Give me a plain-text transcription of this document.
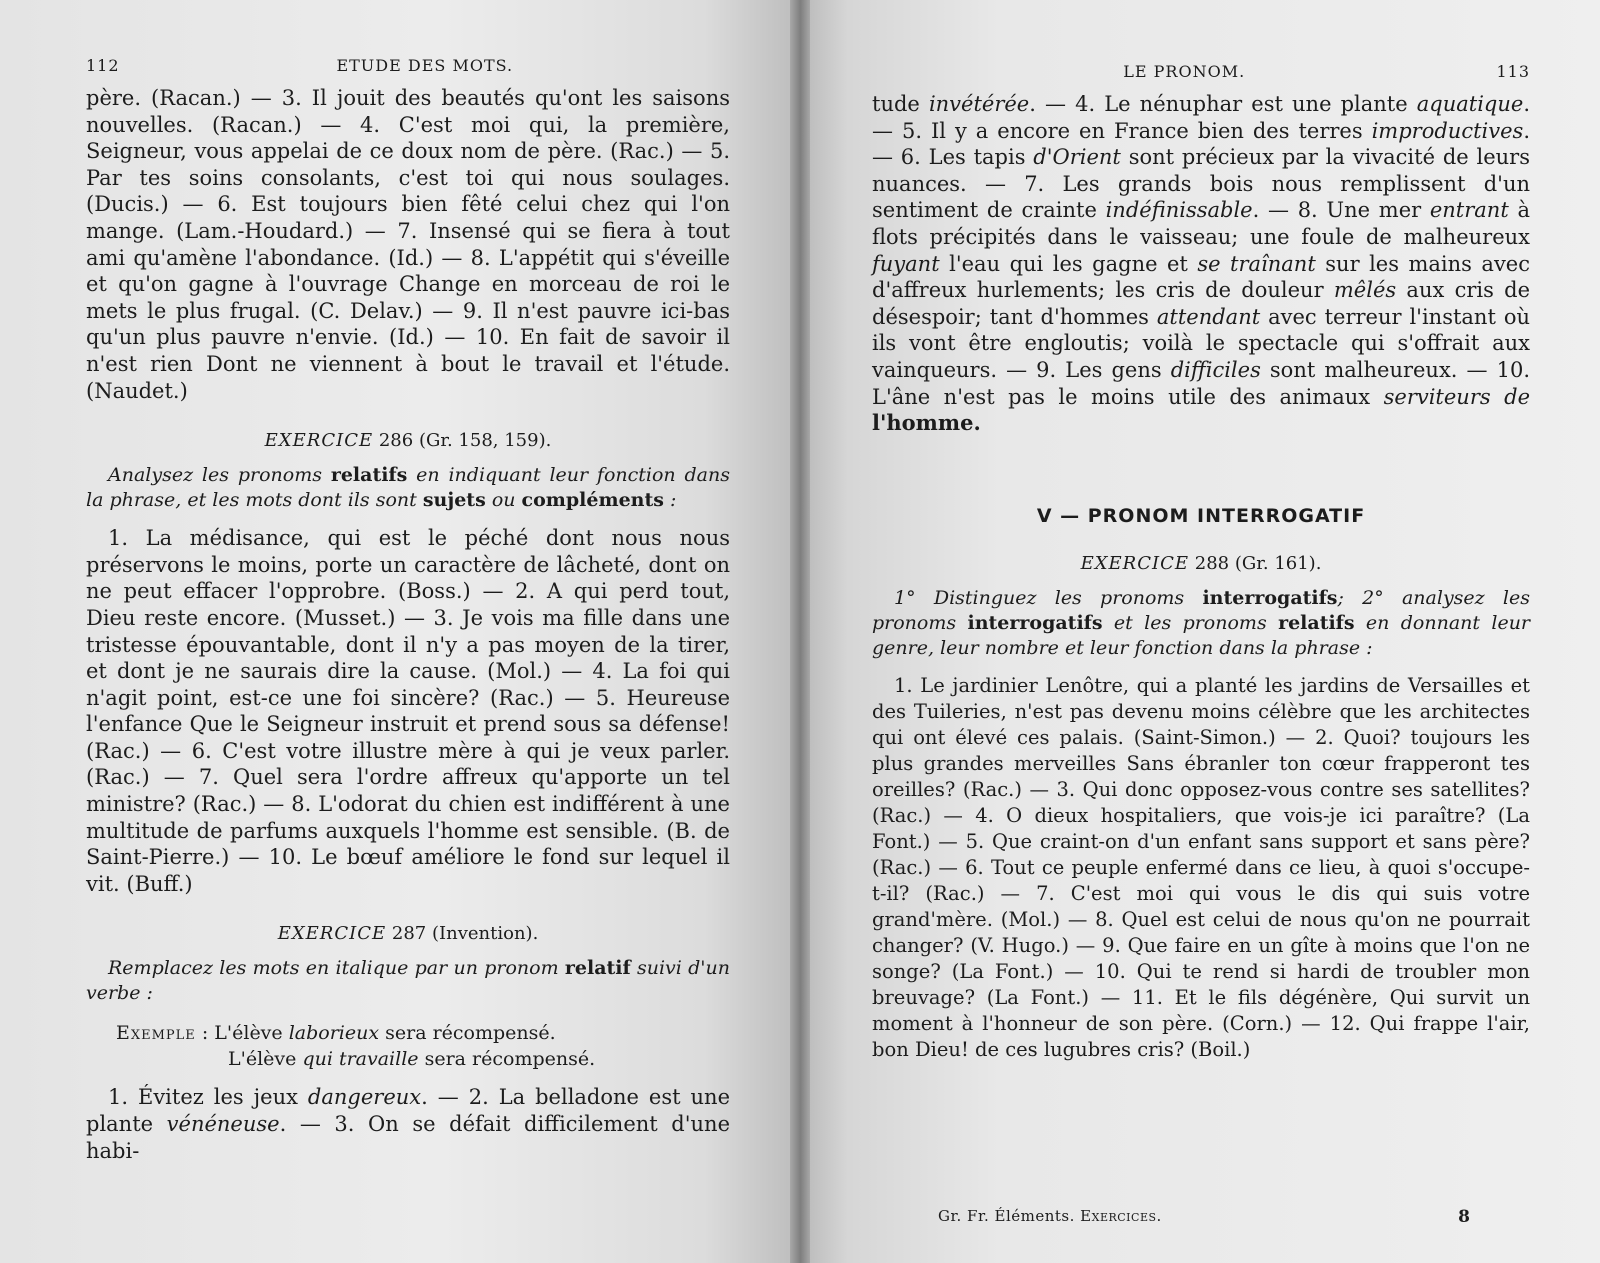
112	ETUDE DES MOTS.

père. (Racan.) — 3. Il jouit des beautés qu'ont les saisons nouvelles. (Racan.) — 4. C'est moi qui, la première, Seigneur, vous appelai de ce doux nom de père. (Rac.) — 5. Par tes soins consolants, c'est toi qui nous soulages. (Ducis.) — 6. Est toujours bien fêté celui chez qui l'on mange. (Lam.-Houdard.) — 7. Insensé qui se fiera à tout ami qu'amène l'abondance. (Id.) — 8. L'appétit qui s'éveille et qu'on gagne à l'ouvrage Change en morceau de roi le mets le plus frugal. (C. Delav.) — 9. Il n'est pauvre ici-bas qu'un plus pauvre n'envie. (Id.) — 10. En fait de savoir il n'est rien Dont ne viennent à bout le travail et l'étude. (Naudet.)

EXERCICE 286 (Gr. 158, 159).

Analysez les pronoms relatifs en indiquant leur fonction dans la phrase, et les mots dont ils sont sujets ou compléments :

1. La médisance, qui est le péché dont nous nous préservons le moins, porte un caractère de lâcheté, dont on ne peut effacer l'opprobre. (Boss.) — 2. A qui perd tout, Dieu reste encore. (Musset.) — 3. Je vois ma fille dans une tristesse épouvantable, dont il n'y a pas moyen de la tirer, et dont je ne saurais dire la cause. (Mol.) — 4. La foi qui n'agit point, est-ce une foi sincère? (Rac.) — 5. Heureuse l'enfance Que le Seigneur instruit et prend sous sa défense! (Rac.) — 6. C'est votre illustre mère à qui je veux parler. (Rac.) — 7. Quel sera l'ordre affreux qu'apporte un tel ministre? (Rac.) — 8. L'odorat du chien est indifférent à une multitude de parfums auxquels l'homme est sensible. (B. de Saint-Pierre.) — 10. Le bœuf améliore le fond sur lequel il vit. (Buff.)

EXERCICE 287 (Invention).

Remplacez les mots en italique par un pronom relatif suivi d'un verbe :

Exemple : L'élève laborieux sera récompensé.
L'élève qui travaille sera récompensé.

1. Évitez les jeux dangereux. — 2. La belladone est une plante vénéneuse. — 3. On se défait difficilement d'une habi-

LE PRONOM.	113

tude invétérée. — 4. Le nénuphar est une plante aquatique. — 5. Il y a encore en France bien des terres improductives. — 6. Les tapis d'Orient sont précieux par la vivacité de leurs nuances. — 7. Les grands bois nous remplissent d'un sentiment de crainte indéfinissable. — 8. Une mer entrant à flots précipités dans le vaisseau; une foule de malheureux fuyant l'eau qui les gagne et se traînant sur les mains avec d'affreux hurlements; les cris de douleur mêlés aux cris de désespoir; tant d'hommes attendant avec terreur l'instant où ils vont être engloutis; voilà le spectacle qui s'offrait aux vainqueurs. — 9. Les gens difficiles sont malheureux. — 10. L'âne n'est pas le moins utile des animaux serviteurs de l'homme.

V — PRONOM INTERROGATIF
EXERCICE 288 (Gr. 161).

1° Distinguez les pronoms interrogatifs; 2° analysez les pronoms interrogatifs et les pronoms relatifs en donnant leur genre, leur nombre et leur fonction dans la phrase :

1. Le jardinier Lenôtre, qui a planté les jardins de Versailles et des Tuileries, n'est pas devenu moins célèbre que les architectes qui ont élevé ces palais. (Saint-Simon.) — 2. Quoi? toujours les plus grandes merveilles Sans ébranler ton cœur frapperont tes oreilles? (Rac.) — 3. Qui donc opposez-vous contre ses satellites? (Rac.) — 4. O dieux hospitaliers, que vois-je ici paraître? (La Font.) — 5. Que craint-on d'un enfant sans support et sans père? (Rac.) — 6. Tout ce peuple enfermé dans ce lieu, à quoi s'occupe-t-il? (Rac.) — 7. C'est moi qui vous le dis qui suis votre grand'mère. (Mol.) — 8. Quel est celui de nous qu'on ne pourrait changer? (V. Hugo.) — 9. Que faire en un gîte à moins que l'on ne songe? (La Font.) — 10. Qui te rend si hardi de troubler mon breuvage? (La Font.) — 11. Et le fils dégénère, Qui survit un moment à l'honneur de son père. (Corn.) — 12. Qui frappe l'air, bon Dieu! de ces lugubres cris? (Boil.)

Gr. Fr. Éléments. Exercices.	8
